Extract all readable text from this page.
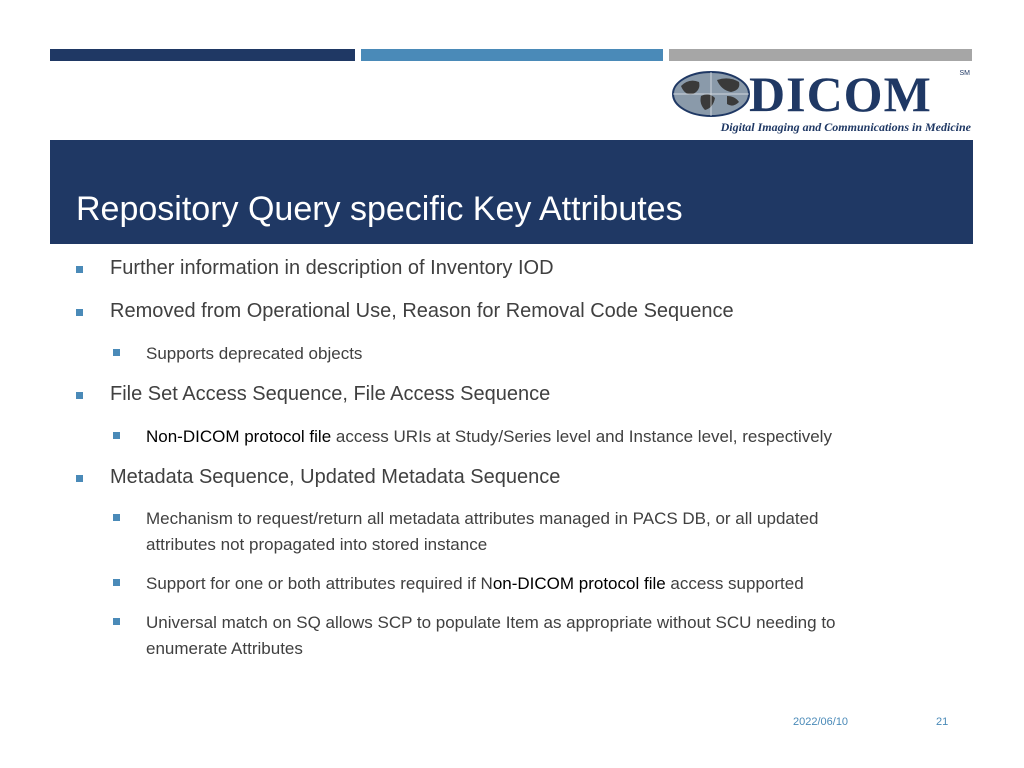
DICOM	SM
Digital Imaging and Communications in Medicine
Repository Query specific Key Attributes
Further information in description of Inventory IOD
Removed from Operational Use, Reason for Removal Code Sequence
Supports deprecated objects
File Set Access Sequence, File Access Sequence
Non-DICOM protocol file access URIs at Study/Series level and Instance level, respectively
Metadata Sequence, Updated Metadata Sequence
Mechanism to request/return all metadata attributes managed in PACS DB, or all updated
attributes not propagated into stored instance
Support for one or both attributes required if Non-DICOM protocol file access supported
Universal match on SQ allows SCP to populate Item as appropriate without SCU needing to
enumerate Attributes
2022/06/10	21
